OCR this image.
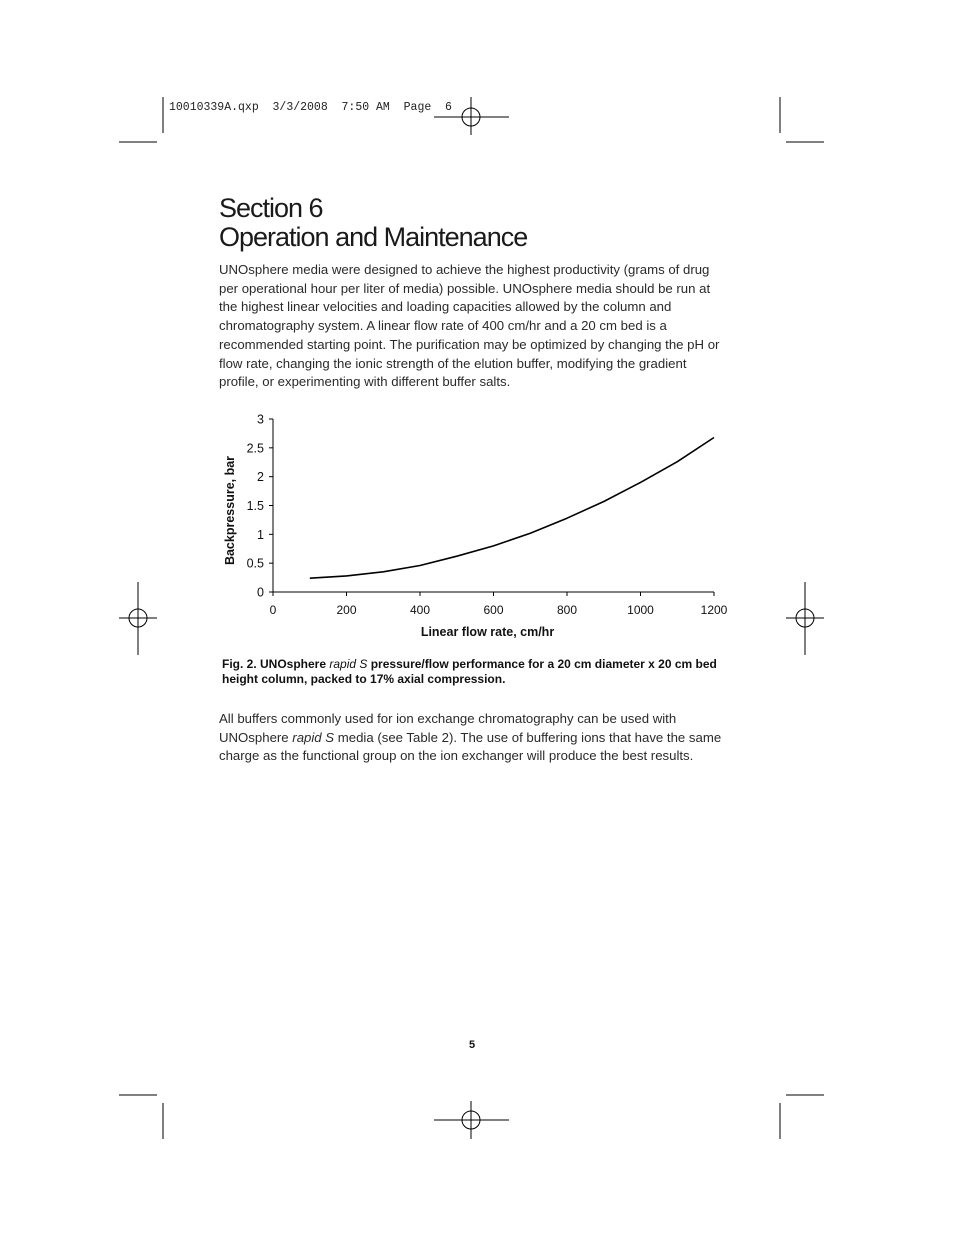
10010339A.qxp  3/3/2008  7:50 AM  Page  6
Section 6
Operation and Maintenance

UNOsphere media were designed to achieve the highest productivity (grams of drug per operational hour per liter of media) possible. UNOsphere media should be run at the highest linear velocities and loading capacities allowed by the column and chromatography system. A linear flow rate of 400 cm/hr and a 20 cm bed is a recommended starting point. The purification may be optimized by changing the pH or flow rate, changing the ionic strength of the elution buffer, modifying the gradient profile, or experimenting with different buffer salts.

0
0.5
1
1.5
2
2.5
3
0	200	400	600	800	1000	1200
Linear flow rate, cm/hr
Backpressure, bar

Fig. 2. UNOsphere rapid S pressure/flow performance for a 20 cm diameter x 20 cm bed height column, packed to 17% axial compression.

All buffers commonly used for ion exchange chromatography can be used with UNOsphere rapid S media (see Table 2). The use of buffering ions that have the same charge as the functional group on the ion exchanger will produce the best results.

5
